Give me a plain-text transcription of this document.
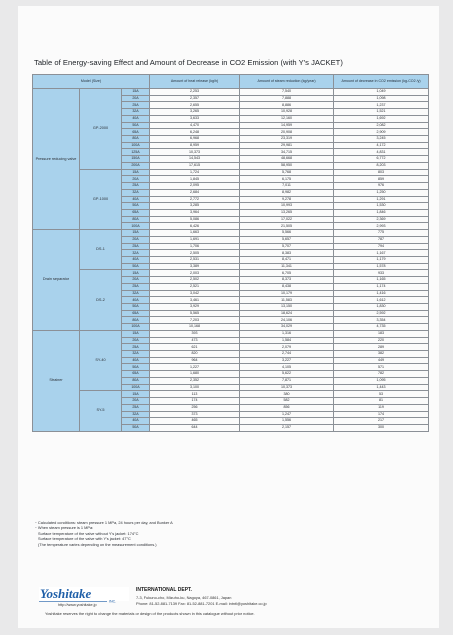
Table of Energy-saving Effect and Amount of Decrease in CO2 Emission (with Y's JACKET)
Model (Size)			Amount of heat release (kg/h)	Amount of steam reduction (kg/year)	Amount of decrease in CO2 emission (kg-CO2 /y)
Pressure reducing valve	GP-2000	15A	2,253	7,540	1,049
		20A	2,357	7,888	1,098
		25A	2,655	8,886	1,237
		32A	3,265	10,928	1,521
		40A	3,633	12,160	1,692
		50A	4,470	14,959	2,082
		65A	6,248	20,908	2,909
		80A	6,968	23,319	3,245
		100A	8,959	29,981	4,172
		125A	10,373	34,715	4,831
		150A	14,543	48,668	6,772
		200A	17,615	58,950	8,203
	GP-1000	15A	1,724	5,768	803
		20A	1,845	6,175	859
		25A	2,095	7,011	976
		32A	2,684	8,982	1,250
		40A	2,772	9,278	1,291
		50A	3,285	10,993	1,530
		65A	3,964	13,265	1,846
		80A	5,086	17,022	2,369
		100A	6,426	21,505	2,993
Drain separator	DS-1	15A	1,663	5,566	775
		20A	1,691	5,657	787
		25A	1,706	5,707	794
		32A	2,505	8,383	1,167
		40A	2,531	8,471	1,179
		50A	3,389	11,341	1,578
	DS-2	15A	2,003	6,705	933
		20A	2,502	8,373	1,165
		25A	2,521	8,438	1,174
		32A	3,042	10,179	1,416
		40A	3,461	11,583	1,612
		50A	3,929	13,150	1,830
		65A	5,565	18,624	2,592
		80A	7,203	24,106	3,354
		100A	10,168	34,029	4,735
Strainer	SY-40	15A	393	1,316	183
		20A	473	1,584	220
		25A	621	2,079	289
		32A	820	2,744	382
		40A	964	3,227	449
		50A	1,227	4,105	571
		65A	1,680	5,622	782
		80A	2,352	7,871	1,095
		100A	3,100	10,373	1,443
	SY-5	15A	113	380	53
		20A	174	582	81
		25A	256	856	119
		32A	373	1,247	174
		40A	465	1,556	217
		50A	644	2,157	300
・Calculated conditions: steam pressure 1 MPa, 24 hours per day, and Bunker A
・When steam pressure is 1 MPa:
Surface temperature of the valve without Y's jacket: 174°C
Surface temperature of the valve with Y's jacket: 47°C
(The temperature varies depending on the measurement conditions.)
Yoshitake
INC.
http://www.yoshitake.jp
INTERNATIONAL DEPT.
7-3, Fukuno-cho, Mizuho-ku, Nagoya, 467-0861, Japan
Phone: 81-52-881-7139 Fax: 81-52-881-7201 E-mail: intntl@yoshitake.co.jp
Yoshitake reserves the right to change the materials or design of the products shown in this catalogue without prior notice.
